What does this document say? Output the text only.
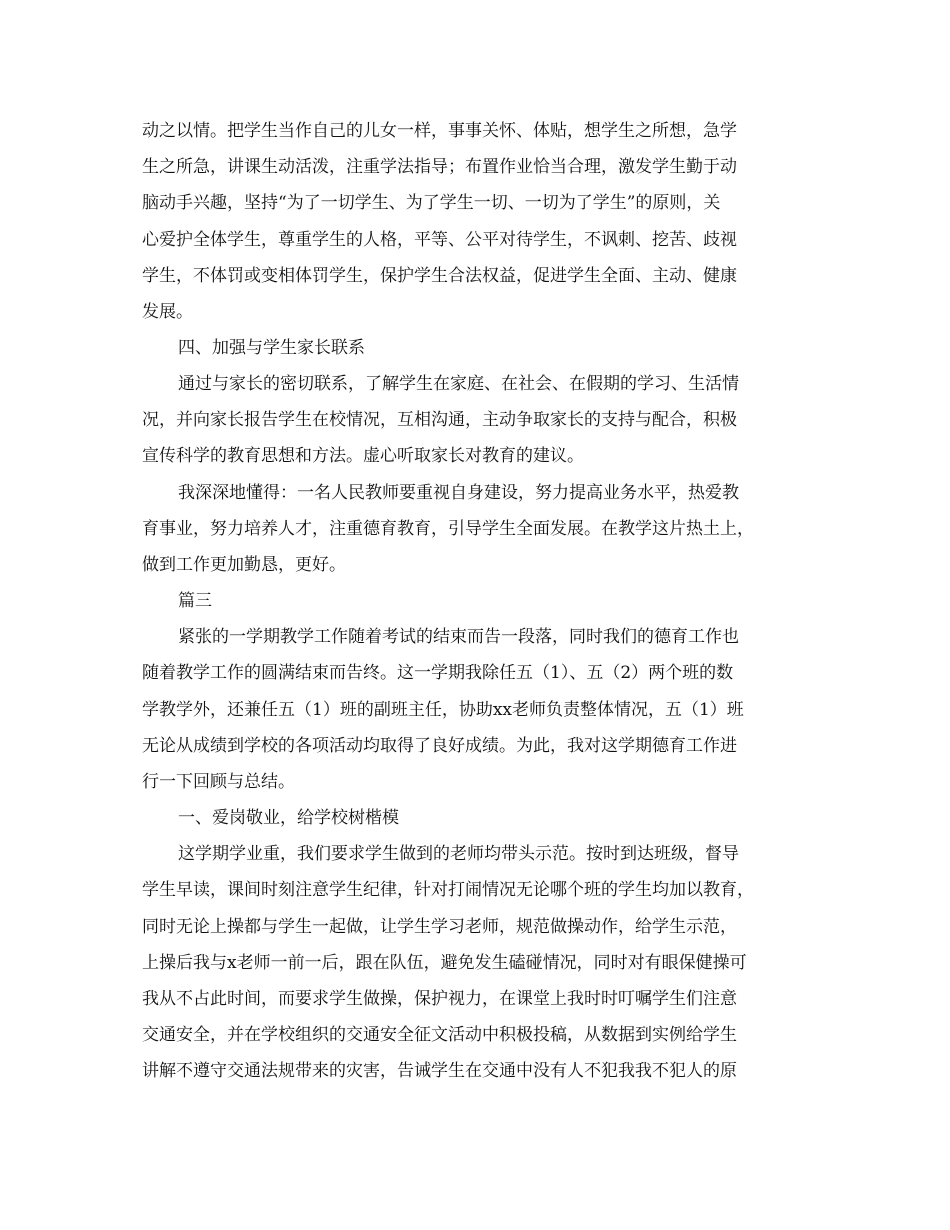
动之以情。把学生当作自己的儿女一样，事事关怀、体贴，想学生之所想，急学
生之所急，讲课生动活泼，注重学法指导；布置作业恰当合理，激发学生勤于动
脑动手兴趣，坚持“为了一切学生、为了学生一切、一切为了学生”的原则，关
心爱护全体学生，尊重学生的人格，平等、公平对待学生，不讽刺、挖苦、歧视
学生，不体罚或变相体罚学生，保护学生合法权益，促进学生全面、主动、健康
发展。
四、加强与学生家长联系
通过与家长的密切联系，了解学生在家庭、在社会、在假期的学习、生活情
况，并向家长报告学生在校情况，互相沟通，主动争取家长的支持与配合，积极
宣传科学的教育思想和方法。虚心听取家长对教育的建议。
我深深地懂得：一名人民教师要重视自身建设，努力提高业务水平，热爱教
育事业，努力培养人才，注重德育教育，引导学生全面发展。在教学这片热土上，
做到工作更加勤恳，更好。
篇三
紧张的一学期教学工作随着考试的结束而告一段落，同时我们的德育工作也
随着教学工作的圆满结束而告终。这一学期我除任五（1）、五（2）两个班的数
学教学外，还兼任五（1）班的副班主任，协助xx老师负责整体情况，五（1）班
无论从成绩到学校的各项活动均取得了良好成绩。为此，我对这学期德育工作进
行一下回顾与总结。
一、爱岗敬业，给学校树楷模
这学期学业重，我们要求学生做到的老师均带头示范。按时到达班级，督导
学生早读，课间时刻注意学生纪律，针对打闹情况无论哪个班的学生均加以教育，
同时无论上操都与学生一起做，让学生学习老师，规范做操动作，给学生示范，
上操后我与x老师一前一后，跟在队伍，避免发生磕碰情况，同时对有眼保健操可
我从不占此时间，而要求学生做操，保护视力，在课堂上我时时叮嘱学生们注意
交通安全，并在学校组织的交通安全征文活动中积极投稿，从数据到实例给学生
讲解不遵守交通法规带来的灾害，告诫学生在交通中没有人不犯我我不犯人的原
